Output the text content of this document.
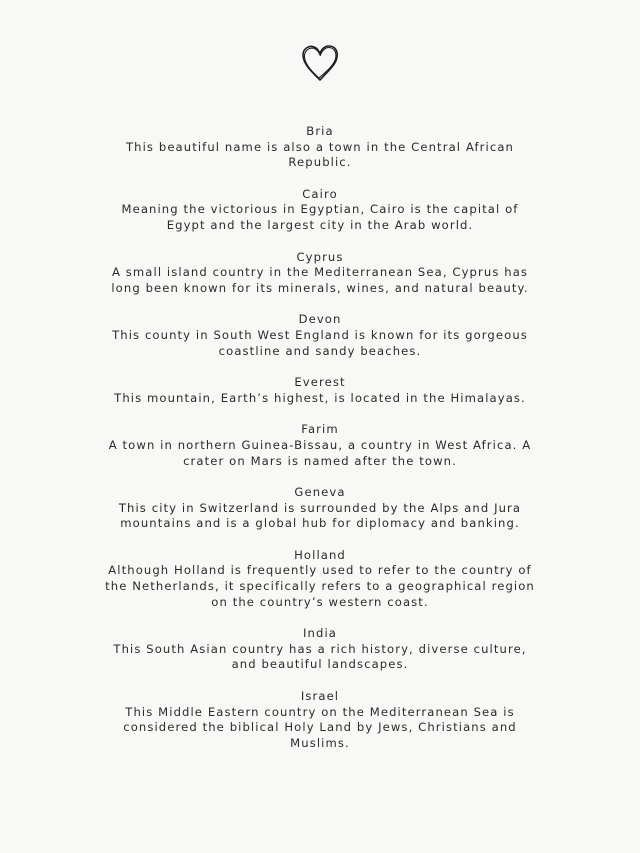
Bria
This beautiful name is also a town in the Central African Republic.
Cairo
Meaning the victorious in Egyptian, Cairo is the capital of Egypt and the largest city in the Arab world.
Cyprus
A small island country in the Mediterranean Sea, Cyprus has long been known for its minerals, wines, and natural beauty.
Devon
This county in South West England is known for its gorgeous coastline and sandy beaches.
Everest
This mountain, Earth’s highest, is located in the Himalayas.
Farim
A town in northern Guinea-Bissau, a country in West Africa. A crater on Mars is named after the town.
Geneva
This city in Switzerland is surrounded by the Alps and Jura mountains and is a global hub for diplomacy and banking.
Holland
Although Holland is frequently used to refer to the country of the Netherlands, it specifically refers to a geographical region on the country’s western coast.
India
This South Asian country has a rich history, diverse culture, and beautiful landscapes.
Israel
This Middle Eastern country on the Mediterranean Sea is considered the biblical Holy Land by Jews, Christians and Muslims.
